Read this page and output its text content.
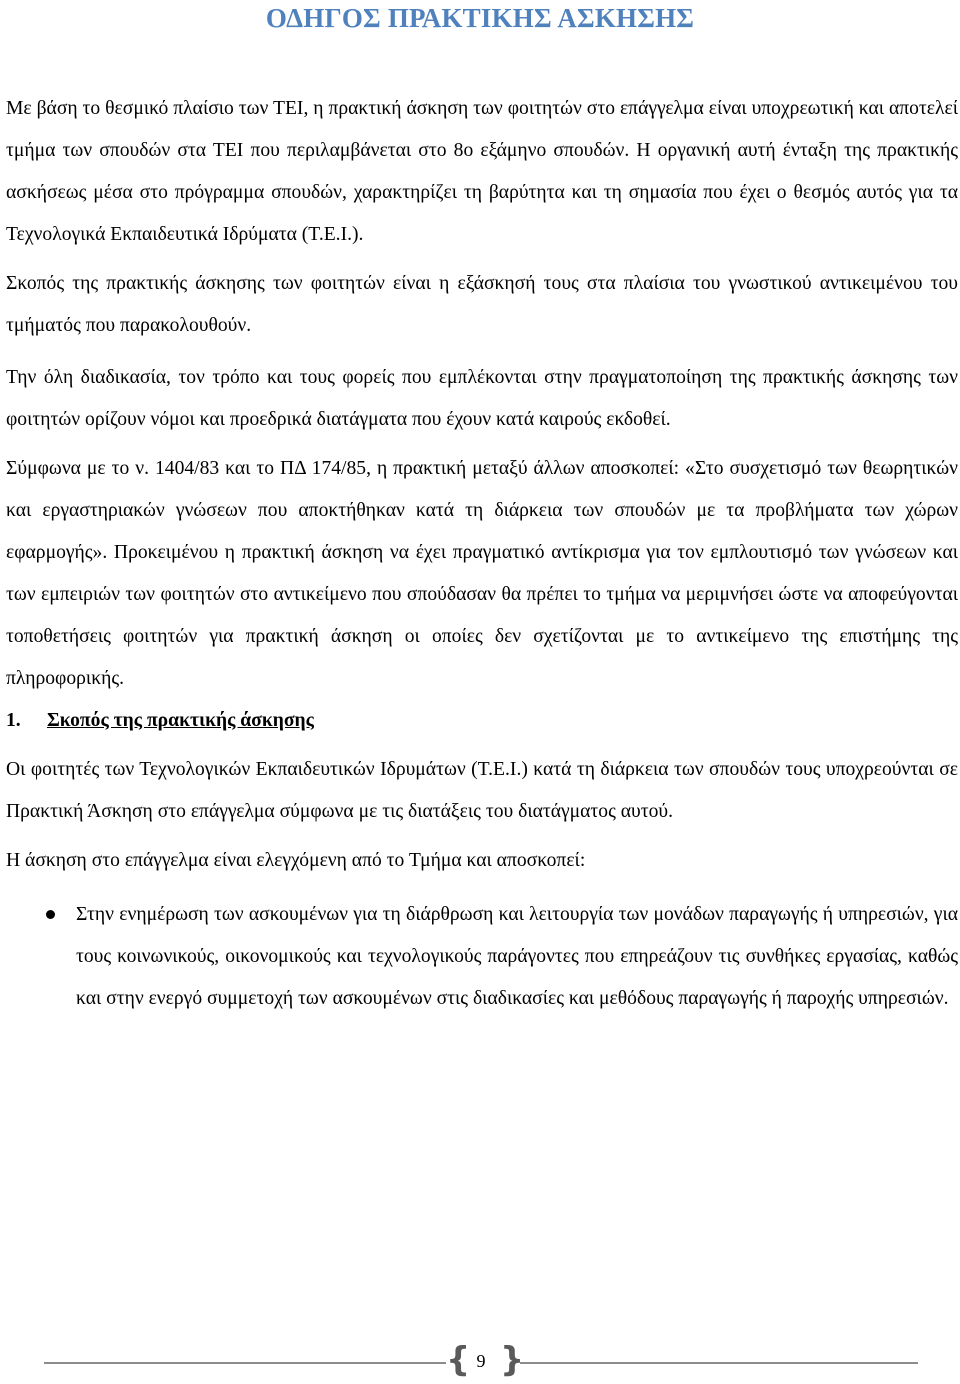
ΟΔΗΓΟΣ ΠΡΑΚΤΙΚΗΣ ΑΣΚΗΣΗΣ

Με βάση το θεσμικό πλαίσιο των ΤΕΙ, η πρακτική άσκηση των φοιτητών στο επάγγελμα είναι υποχρεωτική και αποτελεί τμήμα των σπουδών στα ΤΕΙ που περιλαμβάνεται στο 8ο εξάμηνο σπουδών. Η οργανική αυτή ένταξη της πρακτικής ασκήσεως μέσα στο πρόγραμμα σπουδών, χαρακτηρίζει τη βαρύτητα και τη σημασία που έχει ο θεσμός αυτός για τα Τεχνολογικά Εκπαιδευτικά Ιδρύματα (Τ.Ε.Ι.).

Σκοπός της πρακτικής άσκησης των φοιτητών είναι η εξάσκησή τους στα πλαίσια του γνωστικού αντικειμένου του τμήματός που παρακολουθούν.

Την όλη διαδικασία, τον τρόπο και τους φορείς που εμπλέκονται στην πραγματοποίηση της πρακτικής άσκησης των φοιτητών ορίζουν νόμοι και προεδρικά διατάγματα που έχουν κατά καιρούς εκδοθεί.

Σύμφωνα με το ν. 1404/83 και το ΠΔ 174/85, η πρακτική μεταξύ άλλων αποσκοπεί: «Στο συσχετισμό των θεωρητικών και εργαστηριακών γνώσεων που αποκτήθηκαν κατά τη διάρκεια των σπουδών με τα προβλήματα των χώρων εφαρμογής». Προκειμένου η πρακτική άσκηση να έχει πραγματικό αντίκρισμα για τον εμπλουτισμό των γνώσεων και των εμπειριών των φοιτητών στο αντικείμενο που σπούδασαν θα πρέπει το τμήμα να μεριμνήσει ώστε να αποφεύγονται τοποθετήσεις φοιτητών για πρακτική άσκηση οι οποίες δεν σχετίζονται με το αντικείμενο της επιστήμης της πληροφορικής.

1. Σκοπός της πρακτικής άσκησης

Οι φοιτητές των Τεχνολογικών Εκπαιδευτικών Ιδρυμάτων (Τ.Ε.Ι.) κατά τη διάρκεια των σπουδών τους υποχρεούνται σε Πρακτική Άσκηση στο επάγγελμα σύμφωνα με τις διατάξεις του διατάγματος αυτού.

Η άσκηση στο επάγγελμα είναι ελεγχόμενη από το Τμήμα και αποσκοπεί:

Στην ενημέρωση των ασκουμένων για τη διάρθρωση και λειτουργία των μονάδων παραγωγής ή υπηρεσιών, για τους κοινωνικούς, οικονομικούς και τεχνολογικούς παράγοντες που επηρεάζουν τις συνθήκες εργασίας, καθώς και στην ενεργό συμμετοχή των ασκουμένων στις διαδικασίες και μεθόδους παραγωγής ή παροχής υπηρεσιών.
{ 9 }
